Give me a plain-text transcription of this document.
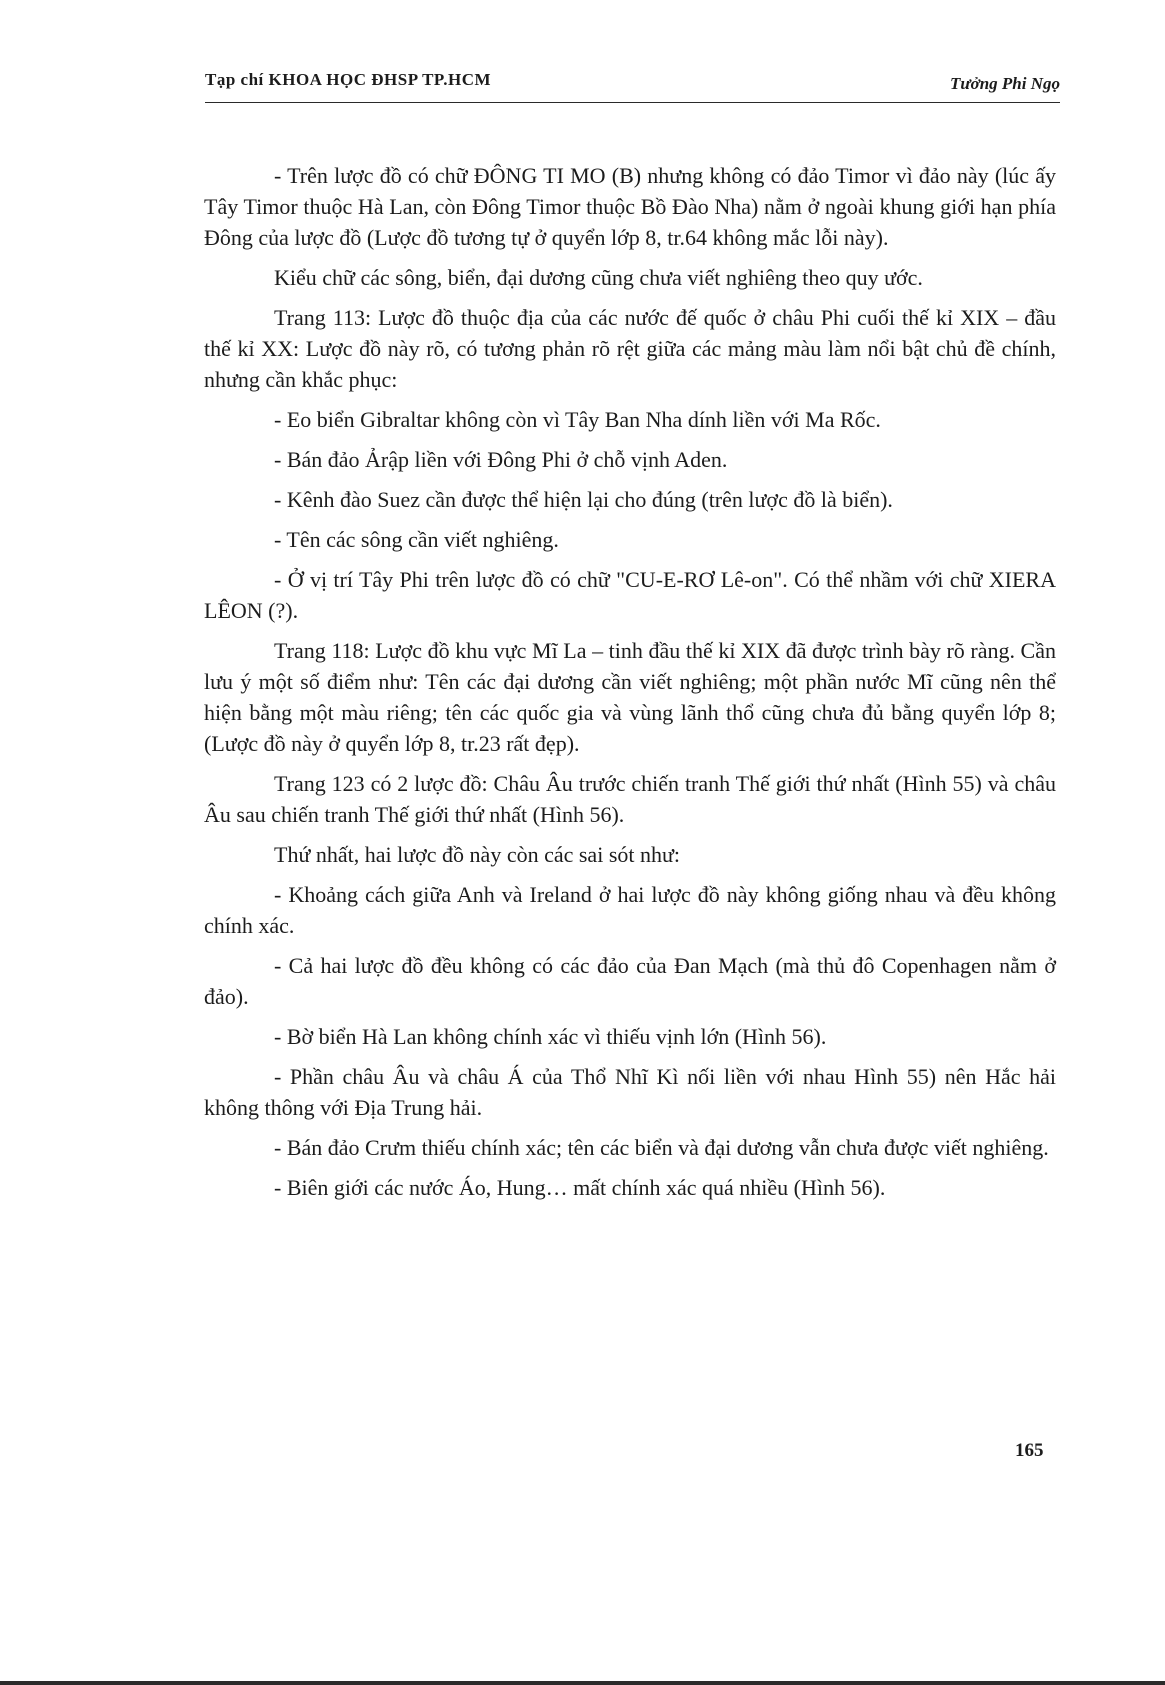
Tạp chí KHOA HỌC ĐHSP TP.HCM	Tưởng Phi Ngọ

- Trên lược đồ có chữ ĐÔNG TI MO (B) nhưng không có đảo Timor vì đảo này (lúc ấy Tây Timor thuộc Hà Lan, còn Đông Timor thuộc Bồ Đào Nha) nằm ở ngoài khung giới hạn phía Đông của lược đồ (Lược đồ tương tự ở quyển lớp 8, tr.64 không mắc lỗi này).

Kiểu chữ các sông, biển, đại dương cũng chưa viết nghiêng theo quy ước.

Trang 113: Lược đồ thuộc địa của các nước đế quốc ở châu Phi cuối thế kỉ XIX – đầu thế kỉ XX: Lược đồ này rõ, có tương phản rõ rệt giữa các mảng màu làm nổi bật chủ đề chính, nhưng cần khắc phục:

- Eo biển Gibraltar không còn vì Tây Ban Nha dính liền với Ma Rốc.

- Bán đảo Ảrập liền với Đông Phi ở chỗ vịnh Aden.

- Kênh đào Suez cần được thể hiện lại cho đúng (trên lược đồ là biển).

- Tên các sông cần viết nghiêng.

- Ở vị trí Tây Phi trên lược đồ có chữ "CU-E-RƠ Lê-on". Có thể nhầm với chữ XIERA LÊON (?).

Trang 118: Lược đồ khu vực Mĩ La – tinh đầu thế kỉ XIX đã được trình bày rõ ràng. Cần lưu ý một số điểm như: Tên các đại dương cần viết nghiêng; một phần nước Mĩ cũng nên thể hiện bằng một màu riêng; tên các quốc gia và vùng lãnh thổ cũng chưa đủ bằng quyển lớp 8; (Lược đồ này ở quyển lớp 8, tr.23 rất đẹp).

Trang 123 có 2 lược đồ: Châu Âu trước chiến tranh Thế giới thứ nhất (Hình 55) và châu Âu sau chiến tranh Thế giới thứ nhất (Hình 56).

Thứ nhất, hai lược đồ này còn các sai sót như:

- Khoảng cách giữa Anh và Ireland ở hai lược đồ này không giống nhau và đều không chính xác.

- Cả hai lược đồ đều không có các đảo của Đan Mạch (mà thủ đô Copenhagen nằm ở đảo).

- Bờ biển Hà Lan không chính xác vì thiếu vịnh lớn (Hình 56).

- Phần châu Âu và châu Á của Thổ Nhĩ Kì nối liền với nhau Hình 55) nên Hắc hải không thông với Địa Trung hải.

- Bán đảo Crưm thiếu chính xác; tên các biển và đại dương vẫn chưa được viết nghiêng.

- Biên giới các nước Áo, Hung… mất chính xác quá nhiều (Hình 56).

165
